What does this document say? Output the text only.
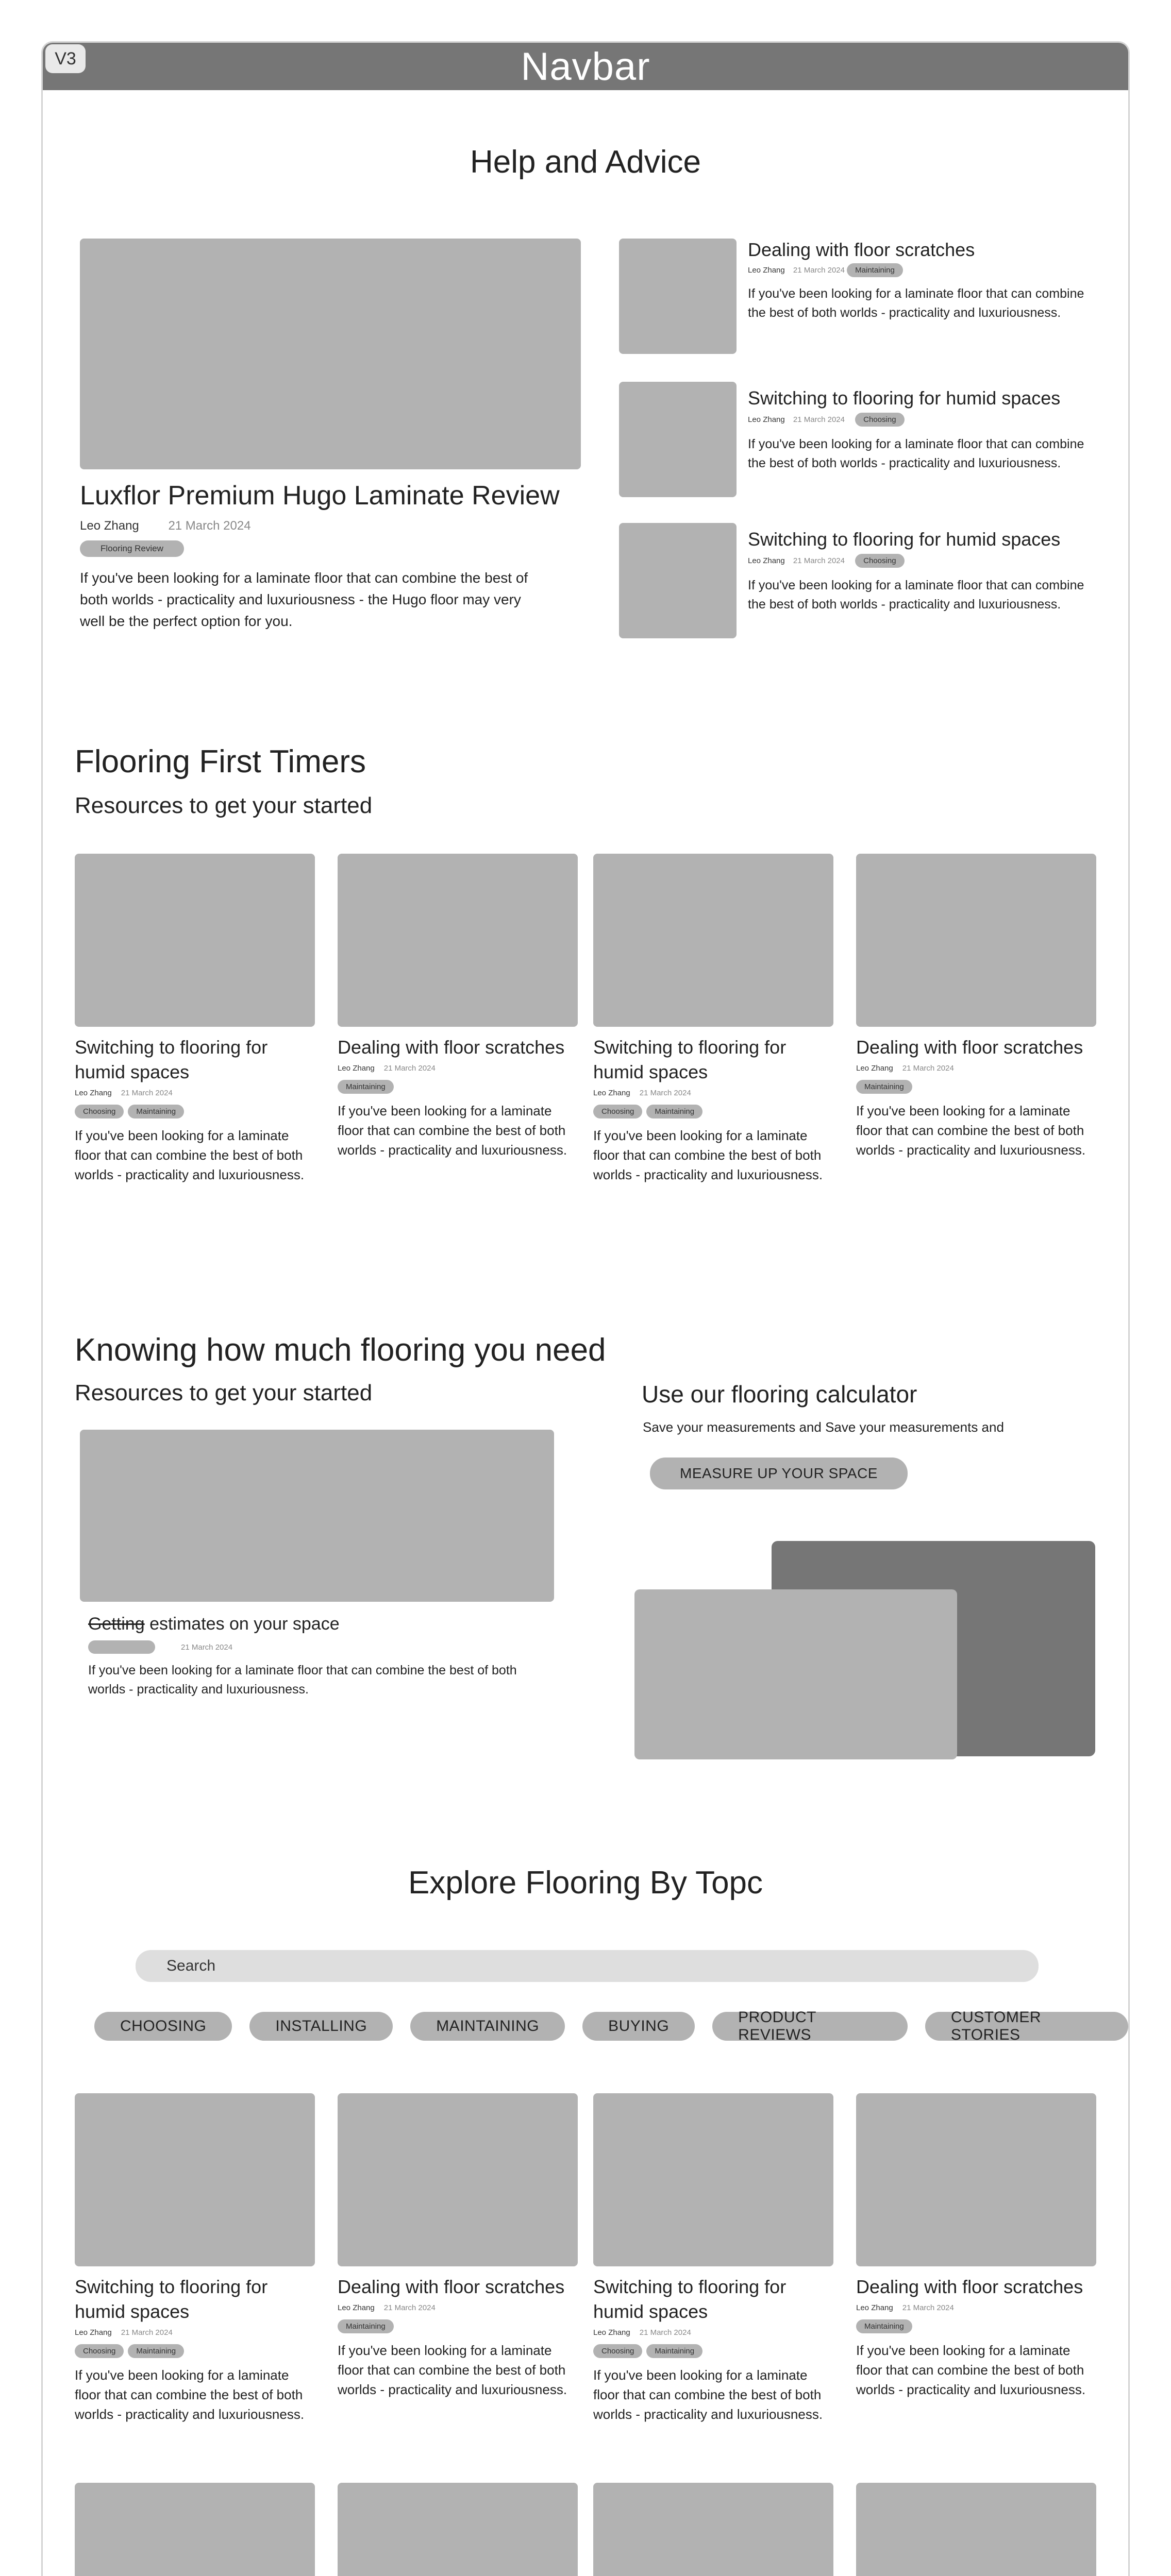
Navbar
Help and Advice
Luxflor Premium Hugo Laminate Review
Leo Zhang 21 March 2024
Flooring Review
If you've been looking for a laminate floor that can combine the best of both worlds - practicality and luxuriousness - the Hugo floor may very well be the perfect option for you.
Dealing with floor scratches
Leo Zhang 21 March 2024 Maintaining
If you've been looking for a laminate floor that can combine the best of both worlds - practicality and luxuriousness.
Switching to flooring for humid spaces
Leo Zhang 21 March 2024 Choosing
If you've been looking for a laminate floor that can combine the best of both worlds - practicality and luxuriousness.
Switching to flooring for humid spaces
Leo Zhang 21 March 2024 Choosing
If you've been looking for a laminate floor that can combine the best of both worlds - practicality and luxuriousness.
Flooring First Timers
Resources to get your started
Switching to flooring for humid spaces
Leo Zhang 21 March 2024
Choosing	Maintaining
If you've been looking for a laminate floor that can combine the best of both worlds - practicality and luxuriousness.
Dealing with floor scratches
Leo Zhang 21 March 2024
Maintaining
If you've been looking for a laminate floor that can combine the best of both worlds - practicality and luxuriousness.
Switching to flooring for humid spaces
Leo Zhang 21 March 2024
Choosing	Maintaining
If you've been looking for a laminate floor that can combine the best of both worlds - practicality and luxuriousness.
Dealing with floor scratches
Leo Zhang 21 March 2024
Maintaining
If you've been looking for a laminate floor that can combine the best of both worlds - practicality and luxuriousness.
Knowing how much flooring you need
Resources to get your started
Getting estimates on your space
21 March 2024
If you've been looking for a laminate floor that can combine the best of both worlds - practicality and luxuriousness.
Use our flooring calculator
Save your measurements and Save your measurements and
MEASURE UP YOUR SPACE
Explore Flooring By Topc
Search
CHOOSING	INSTALLING	MAINTAINING	BUYING
PRODUCT REVIEWS
CUSTOMER STORIES
Switching to flooring for humid spaces
Leo Zhang 21 March 2024
Choosing	Maintaining
If you've been looking for a laminate floor that can combine the best of both worlds - practicality and luxuriousness.
Dealing with floor scratches
Leo Zhang 21 March 2024
Maintaining
If you've been looking for a laminate floor that can combine the best of both worlds - practicality and luxuriousness.
Switching to flooring for humid spaces
Leo Zhang 21 March 2024
Choosing	Maintaining
If you've been looking for a laminate floor that can combine the best of both worlds - practicality and luxuriousness.
Dealing with floor scratches
Leo Zhang 21 March 2024
Maintaining
If you've been looking for a laminate floor that can combine the best of both worlds - practicality and luxuriousness.
V3
